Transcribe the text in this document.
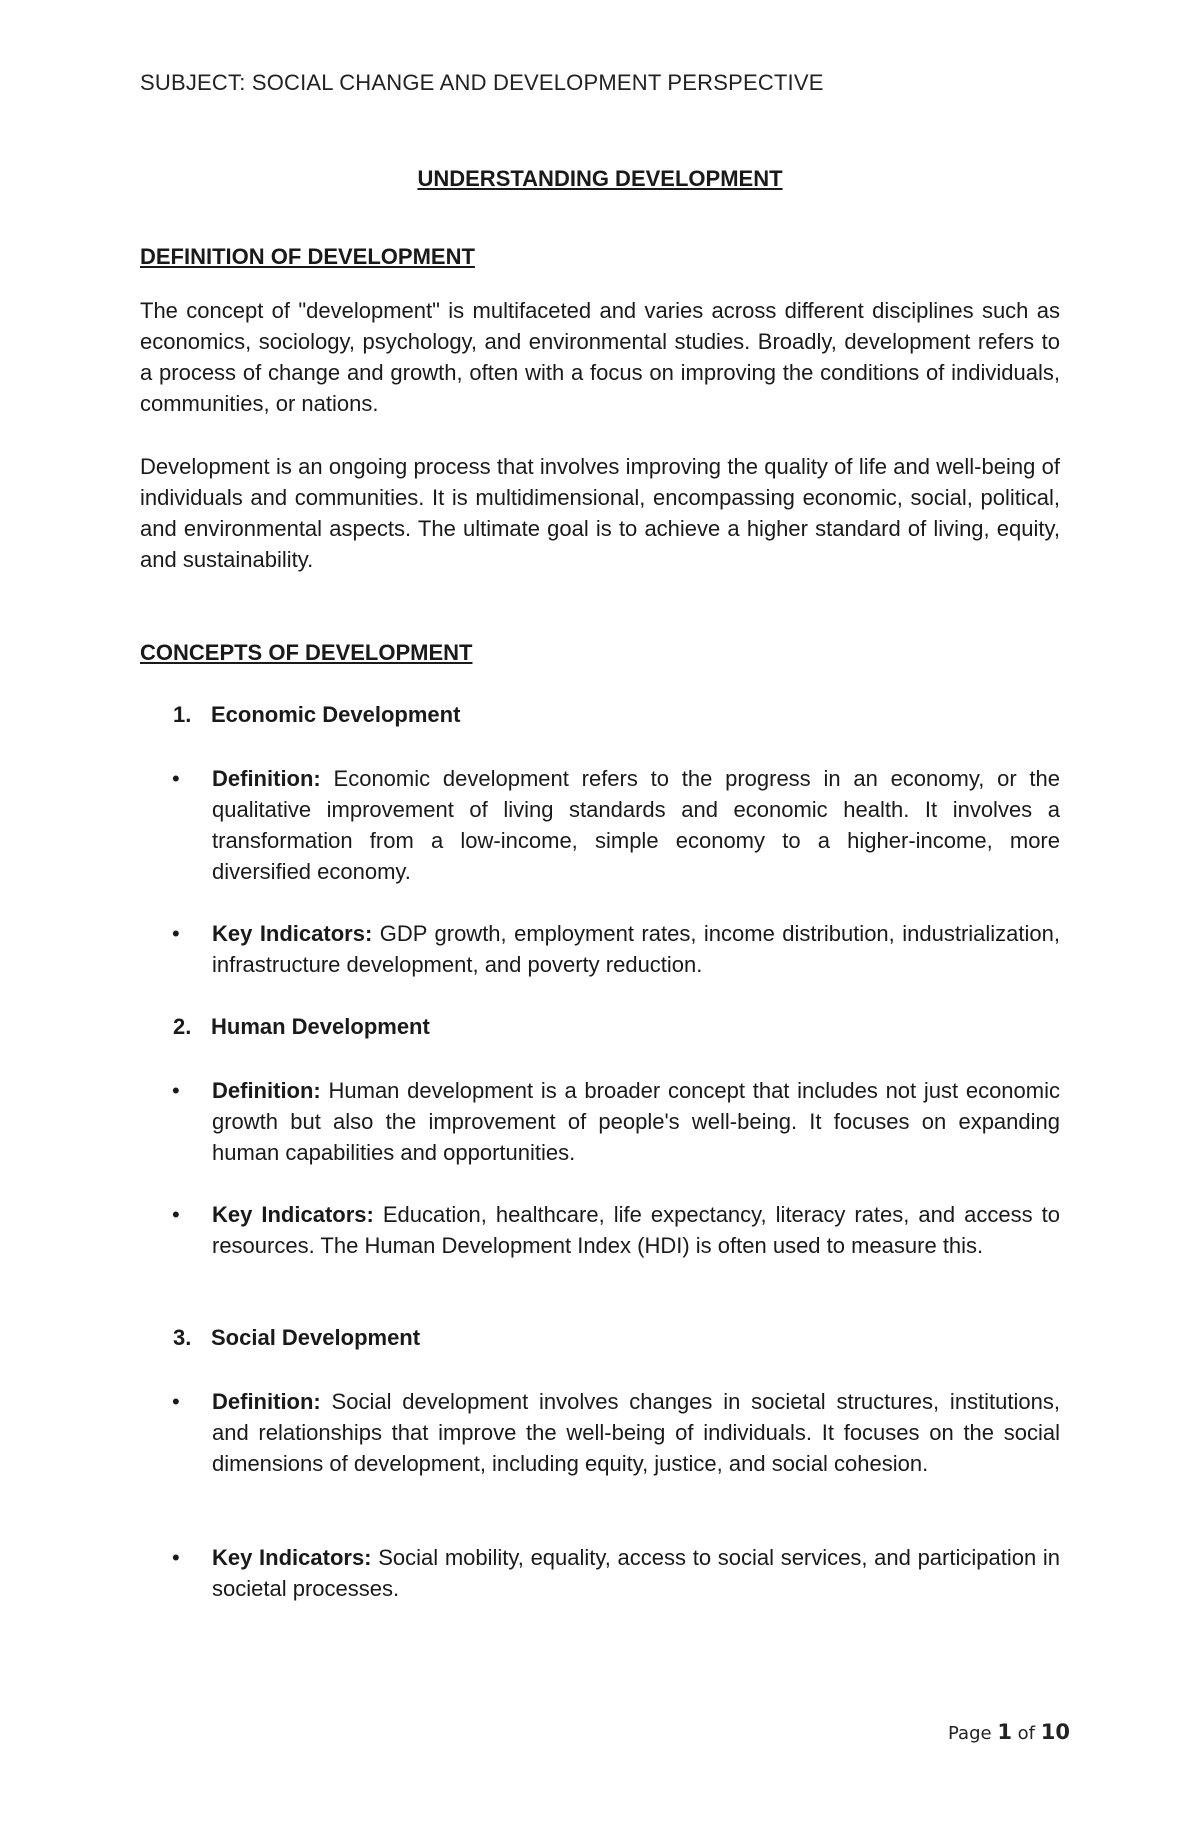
SUBJECT: SOCIAL CHANGE AND DEVELOPMENT PERSPECTIVE
UNDERSTANDING DEVELOPMENT
DEFINITION OF DEVELOPMENT

The concept of "development" is multifaceted and varies across different disciplines such as economics, sociology, psychology, and environmental studies. Broadly, development refers to a process of change and growth, often with a focus on improving the conditions of individuals, communities, or nations.

Development is an ongoing process that involves improving the quality of life and well-being of individuals and communities. It is multidimensional, encompassing economic, social, political, and environmental aspects. The ultimate goal is to achieve a higher standard of living, equity, and sustainability.

CONCEPTS OF DEVELOPMENT
1. Economic Development
•	Definition: Economic development refers to the progress in an economy, or the qualitative improvement of living standards and economic health. It involves a transformation from a low-income, simple economy to a higher-income, more diversified economy.
•	Key Indicators: GDP growth, employment rates, income distribution, industrialization, infrastructure development, and poverty reduction.
2. Human Development
•	Definition: Human development is a broader concept that includes not just economic growth but also the improvement of people's well-being. It focuses on expanding human capabilities and opportunities.
•	Key Indicators: Education, healthcare, life expectancy, literacy rates, and access to resources. The Human Development Index (HDI) is often used to measure this.
3. Social Development
•	Definition: Social development involves changes in societal structures, institutions, and relationships that improve the well-being of individuals. It focuses on the social dimensions of development, including equity, justice, and social cohesion.
•	Key Indicators: Social mobility, equality, access to social services, and participation in societal processes.
Page 1 of 10
